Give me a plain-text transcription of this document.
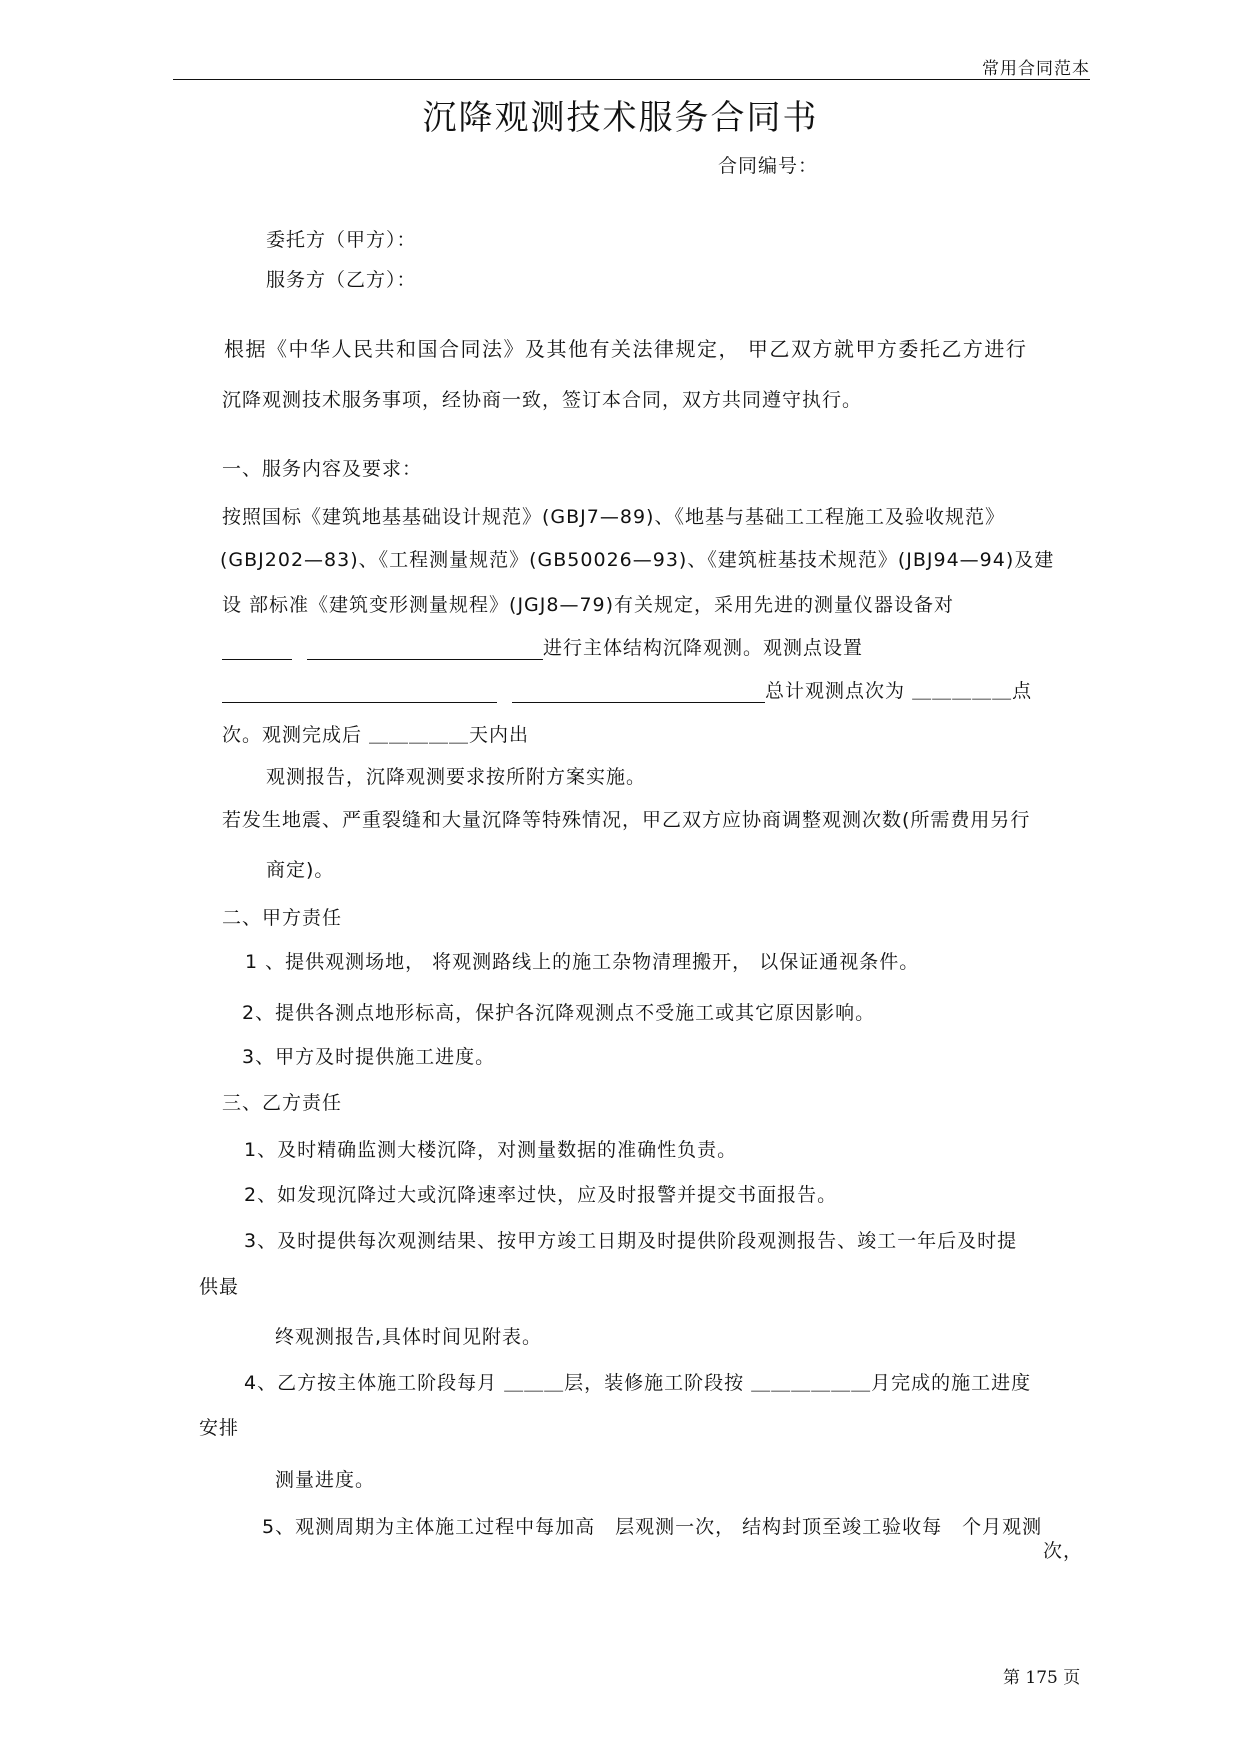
常用合同范本
沉降观测技术服务合同书
合同编号：
委托方（甲方）：
服务方（乙方）：
根据《中华人民共和国合同法》及其他有关法律规定， 甲乙双方就甲方委托乙方进行
沉降观测技术服务事项，经协商一致，签订本合同，双方共同遵守执行。
一、服务内容及要求：
按照国标《建筑地基基础设计规范》(GBJ7—89)、《地基与基础工工程施工及验收规范》
(GBJ202—83)、《工程测量规范》(GB50026—93)、《建筑桩基技术规范》(JBJ94—94)及建
设 部标准《建筑变形测量规程》(JGJ8—79)有关规定，采用先进的测量仪器设备对
进行主体结构沉降观测。观测点设置
总计观测点次为 ＿＿＿＿＿点
次。观测完成后 ＿＿＿＿＿天内出
观测报告，沉降观测要求按所附方案实施。
若发生地震、严重裂缝和大量沉降等特殊情况，甲乙双方应协商调整观测次数(所需费用另行
商定)。
二、甲方责任
1 、提供观测场地， 将观测路线上的施工杂物清理搬开， 以保证通视条件。
2、提供各测点地形标高，保护各沉降观测点不受施工或其它原因影响。
3、甲方及时提供施工进度。
三、乙方责任
1、及时精确监测大楼沉降，对测量数据的准确性负责。
2、如发现沉降过大或沉降速率过快，应及时报警并提交书面报告。
3、及时提供每次观测结果、按甲方竣工日期及时提供阶段观测报告、竣工一年后及时提
供最
终观测报告,具体时间见附表。
4、乙方按主体施工阶段每月 ＿＿＿层，装修施工阶段按 ＿＿＿＿＿＿月完成的施工进度
安排
测量进度。
5、观测周期为主体施工过程中每加高　层观测一次， 结构封顶至竣工验收每　个月观测
次，
第 175 页
